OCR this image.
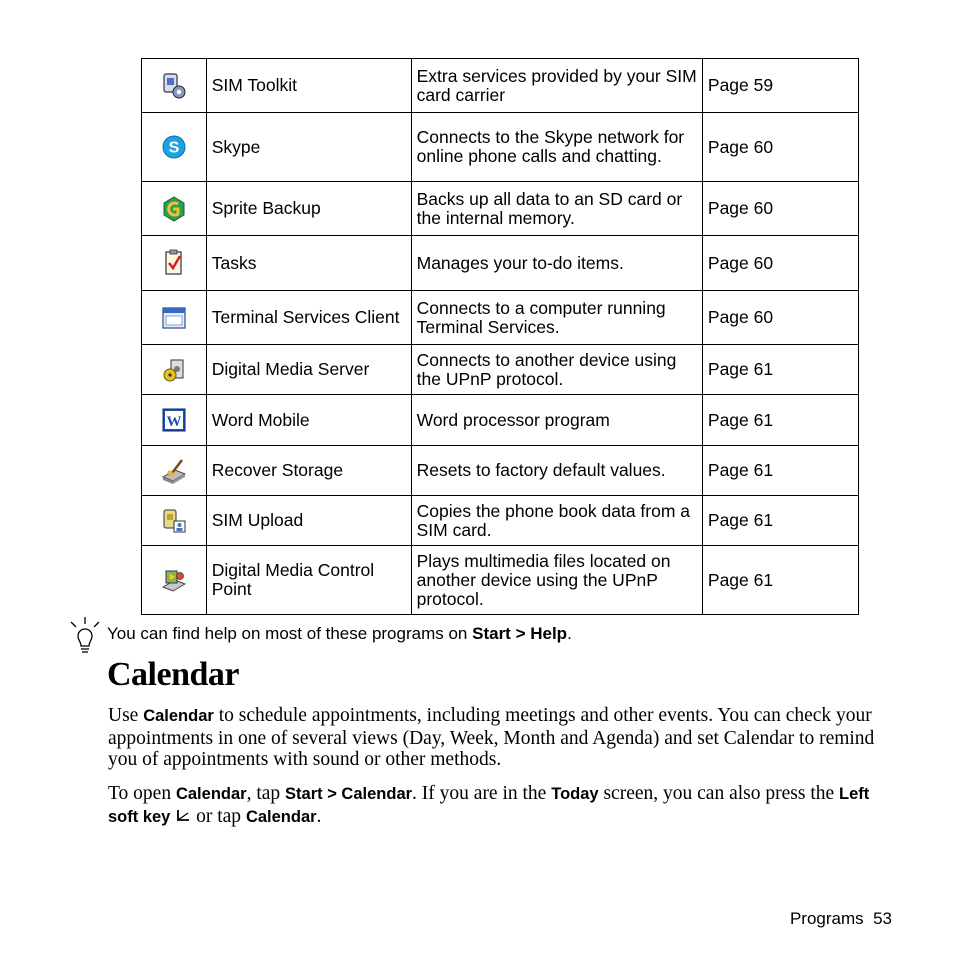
	SIM Toolkit	Extra services provided by your SIM card carrier	Page 59

S	Skype	Connects to the Skype network for online phone calls and chatting.	Page 60

	Sprite Backup	Backs up all data to an SD card or the internal memory.	Page 60

	Tasks	Manages your to-do items.	Page 60

	Terminal Services Client	Connects to a computer running Terminal Services.	Page 60

	Digital Media Server	Connects to another device using the UPnP protocol.	Page 61

W	Word Mobile	Word processor program	Page 61

	Recover Storage	Resets to factory default values.	Page 61

	SIM Upload	Copies the phone book data from a SIM card.	Page 61

	Digital Media Control Point	Plays multimedia files located on another device using the UPnP protocol.	Page 61
You can find help on most of these programs on Start > Help.
Calendar
Use Calendar to schedule appointments, including meetings and other events. You can check your appointments in one of several views (Day, Week, Month and Agenda) and set Calendar to remind you of appointments with sound or other methods.
To open Calendar, tap Start > Calendar. If you are in the Today screen, you can also press the Left soft key  or tap Calendar.
Programs 53
